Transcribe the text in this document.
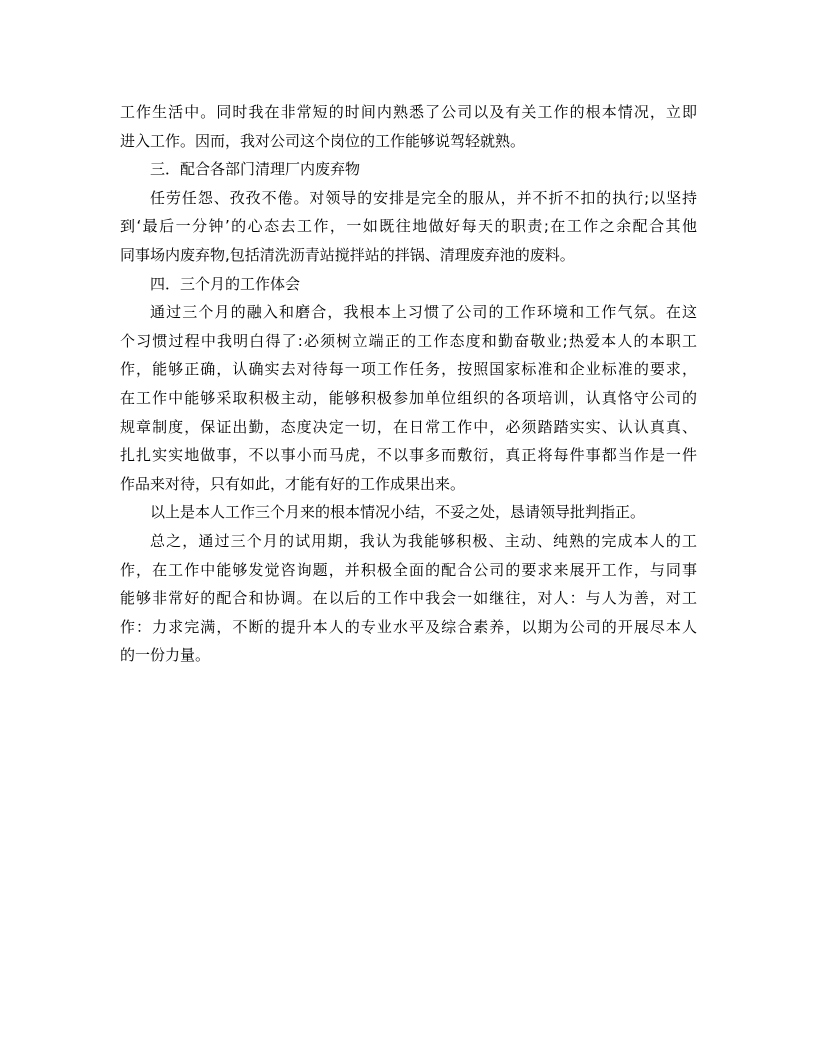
工作生活中。同时我在非常短的时间内熟悉了公司以及有关工作的根本情况，立即
进入工作。因而，我对公司这个岗位的工作能够说驾轻就熟。
三．配合各部门清理厂内废弃物
任劳任怨、孜孜不倦。对领导的安排是完全的服从，并不折不扣的执行;以坚持
到‘最后一分钟’的心态去工作，一如既往地做好每天的职责;在工作之余配合其他
同事场内废弃物,包括清洗沥青站搅拌站的拌锅、清理废弃池的废料。
四．三个月的工作体会
通过三个月的融入和磨合，我根本上习惯了公司的工作环境和工作气氛。在这
个习惯过程中我明白得了:必须树立端正的工作态度和勤奋敬业;热爱本人的本职工
作，能够正确，认确实去对待每一项工作任务，按照国家标准和企业标准的要求，
在工作中能够采取积极主动，能够积极参加单位组织的各项培训，认真恪守公司的
规章制度，保证出勤，态度决定一切，在日常工作中，必须踏踏实实、认认真真、
扎扎实实地做事，不以事小而马虎，不以事多而敷衍，真正将每件事都当作是一件
作品来对待，只有如此，才能有好的工作成果出来。
以上是本人工作三个月来的根本情况小结，不妥之处，恳请领导批判指正。
总之，通过三个月的试用期，我认为我能够积极、主动、纯熟的完成本人的工
作，在工作中能够发觉咨询题，并积极全面的配合公司的要求来展开工作，与同事
能够非常好的配合和协调。在以后的工作中我会一如继往，对人：与人为善，对工
作：力求完满，不断的提升本人的专业水平及综合素养，以期为公司的开展尽本人
的一份力量。
